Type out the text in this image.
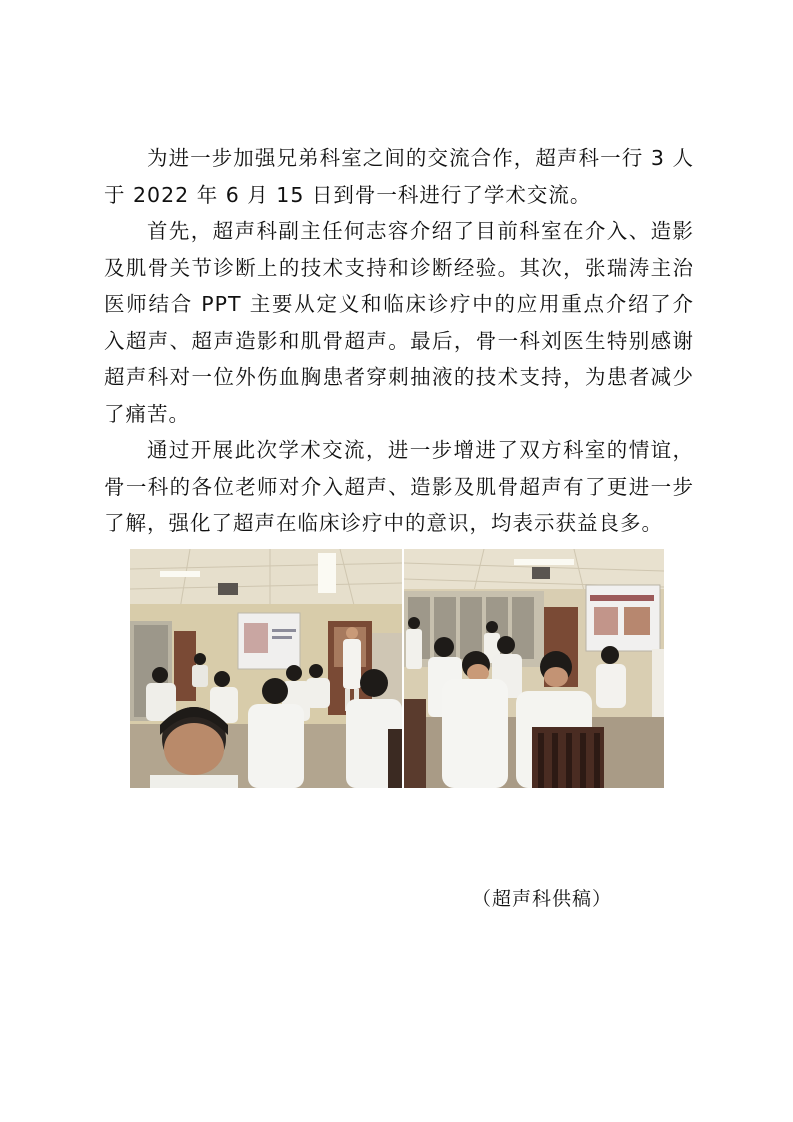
为进一步加强兄弟科室之间的交流合作，超声科一行 3 人于 2022 年 6 月 15 日到骨一科进行了学术交流。

首先，超声科副主任何志容介绍了目前科室在介入、造影及肌骨关节诊断上的技术支持和诊断经验。其次，张瑞涛主治医师结合 PPT 主要从定义和临床诊疗中的应用重点介绍了介入超声、超声造影和肌骨超声。最后，骨一科刘医生特别感谢超声科对一位外伤血胸患者穿刺抽液的技术支持，为患者减少了痛苦。

通过开展此次学术交流，进一步增进了双方科室的情谊，骨一科的各位老师对介入超声、造影及肌骨超声有了更进一步了解，强化了超声在临床诊疗中的意识，均表示获益良多。

（超声科供稿）
